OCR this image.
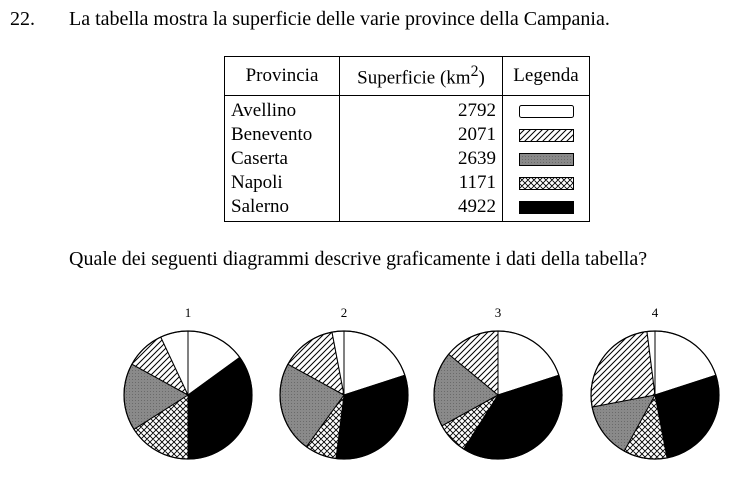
22. La tabella mostra la superficie delle varie province della Campania.
Provincia	Superficie $(km^2)$	Legenda
Avellino	2792	

Benevento	2071	

Caserta	2639	

Napoli	1171	

Salerno	4922	
Quale dei seguenti diagrammi descrive graficamente i dati della tabella?
1	2	3	4
